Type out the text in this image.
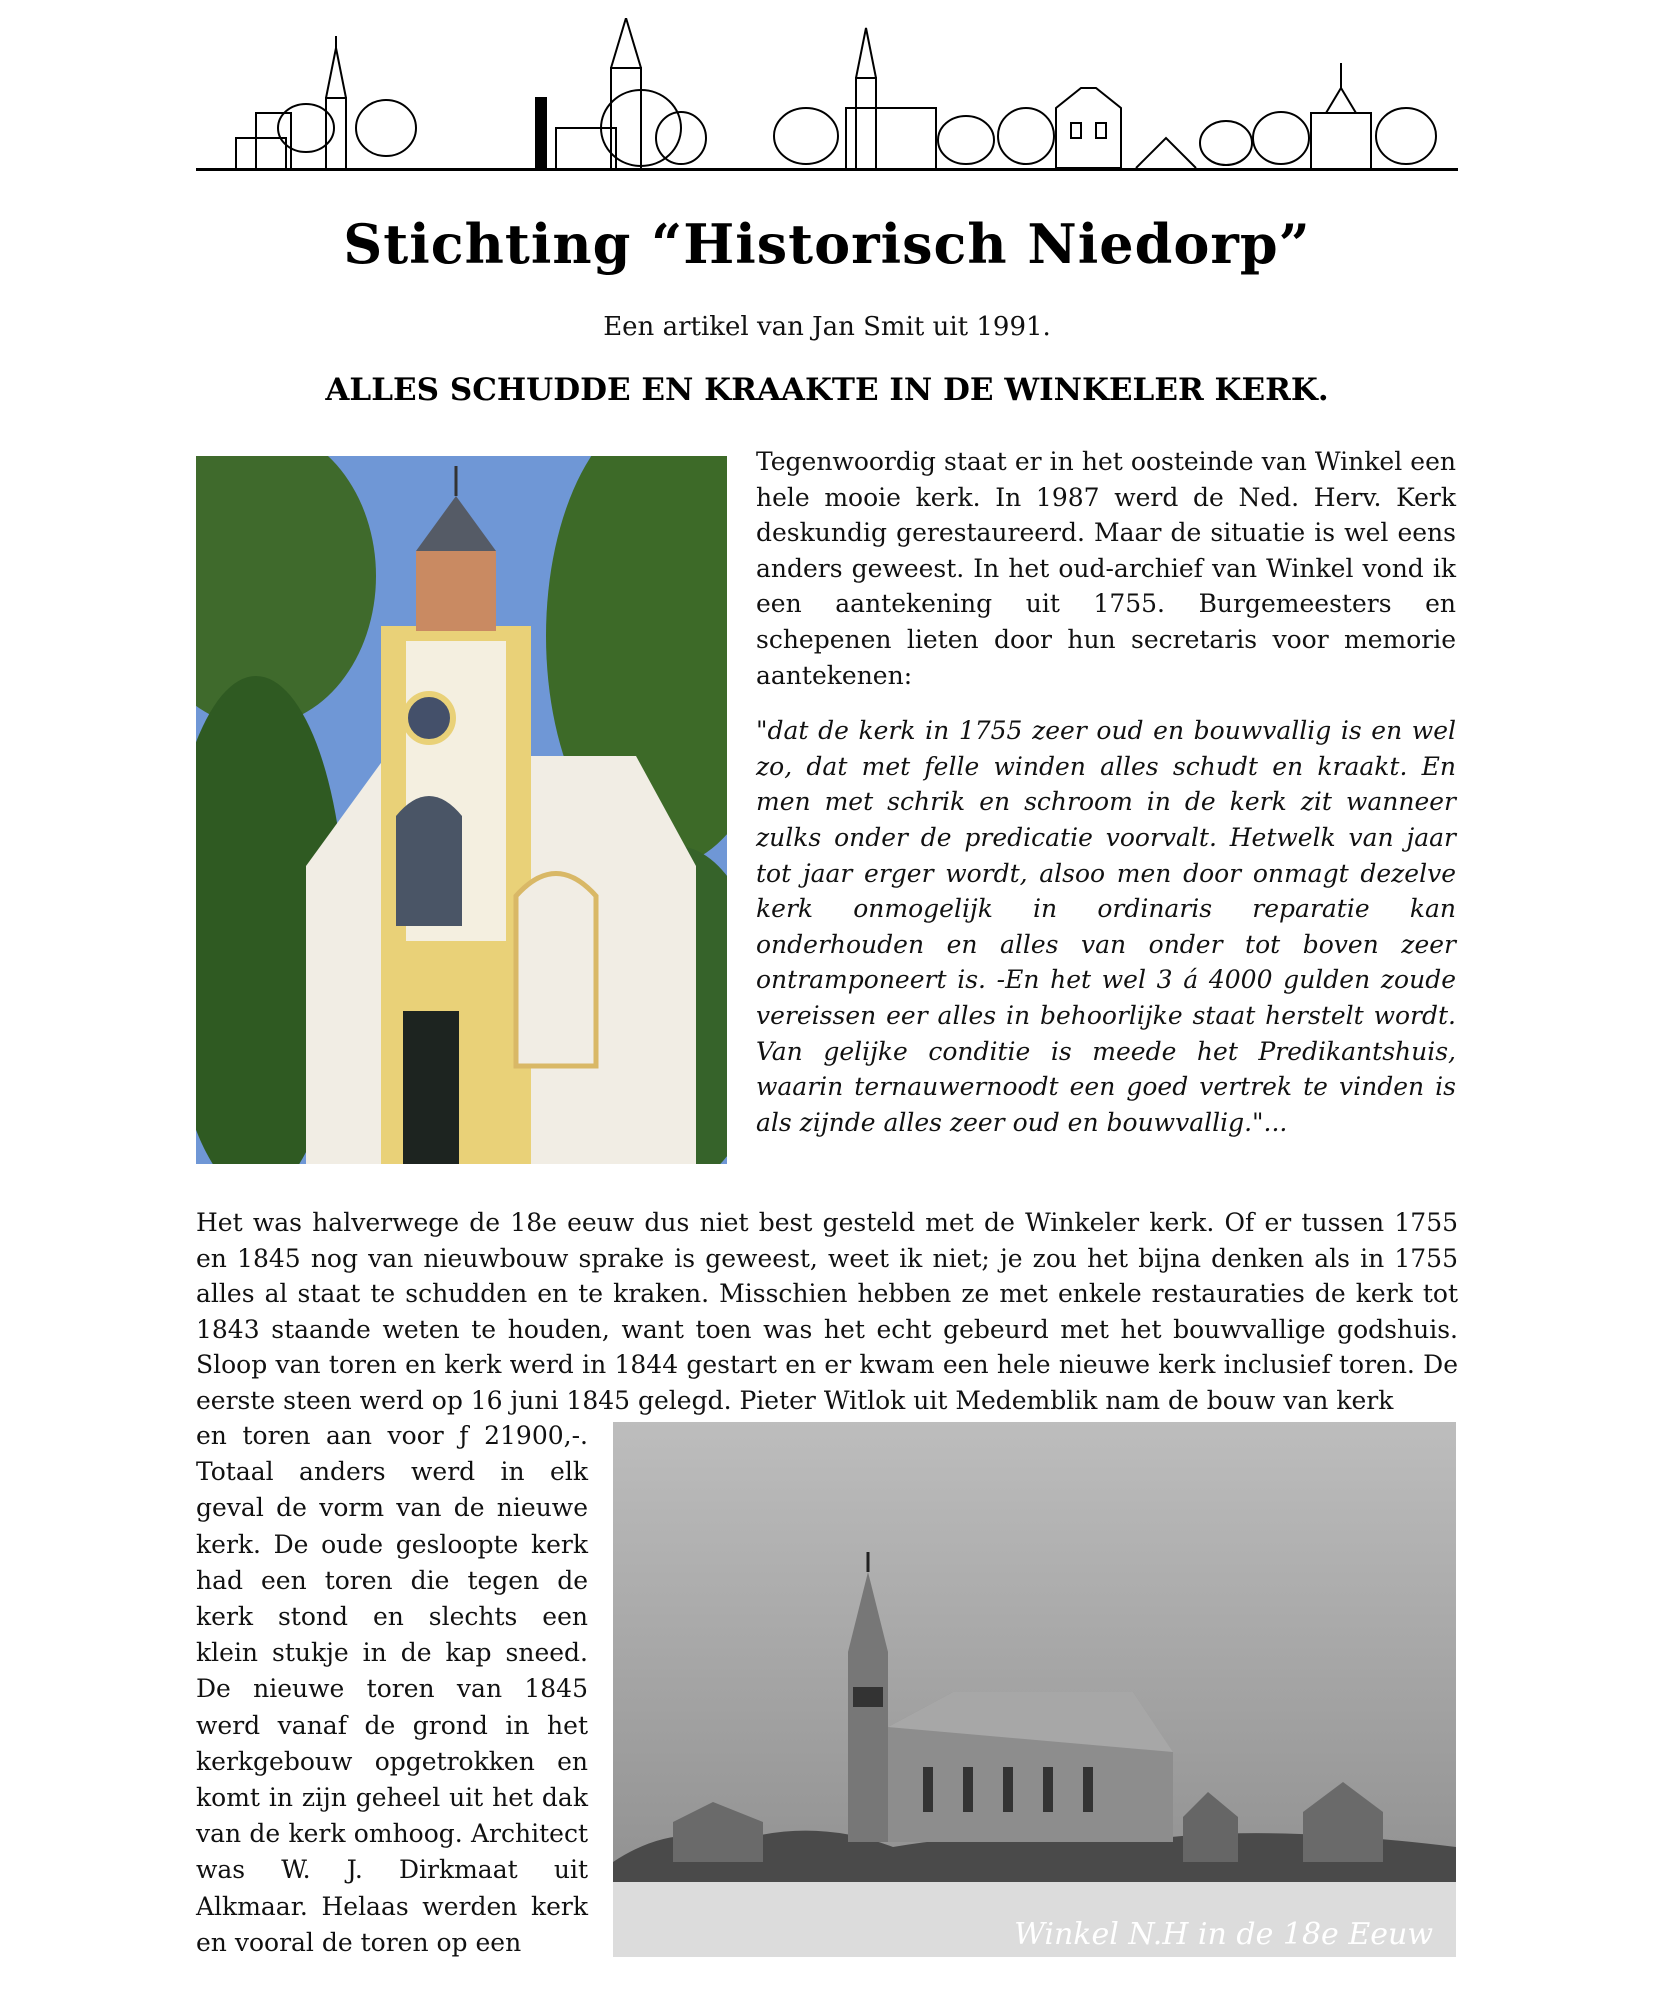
Stichting “Historisch Niedorp”
Een artikel van Jan Smit uit 1991.
ALLES SCHUDDE EN KRAAKTE IN DE WINKELER KERK.

Tegenwoordig staat er in het oosteinde van Winkel een hele mooie kerk. In 1987 werd de Ned. Herv. Kerk deskundig gerestaureerd. Maar de situatie is wel eens anders geweest. In het oud-archief van Winkel vond ik een aantekening uit 1755. Burgemeesters en schepenen lieten door hun secretaris voor memorie aantekenen:

"dat de kerk in 1755 zeer oud en bouwvallig is en wel zo, dat met felle winden alles schudt en kraakt. En men met schrik en schroom in de kerk zit wanneer zulks onder de predicatie voorvalt. Hetwelk van jaar tot jaar erger wordt, alsoo men door onmagt dezelve kerk onmogelijk in ordinaris reparatie kan onderhouden en alles van onder tot boven zeer ontramponeert is. -En het wel 3 á 4000 gulden zoude vereissen eer alles in behoorlijke staat herstelt wordt. Van gelijke conditie is meede het Predikantshuis, waarin ternauwernoodt een goed vertrek te vinden is als zijnde alles zeer oud en bouwvallig."...

Het was halverwege de 18e eeuw dus niet best gesteld met de Winkeler kerk. Of er tussen 1755 en 1845 nog van nieuwbouw sprake is geweest, weet ik niet; je zou het bijna denken als in 1755 alles al staat te schudden en te kraken. Misschien hebben ze met enkele restauraties de kerk tot 1843 staande weten te houden, want toen was het echt gebeurd met het bouwvallige godshuis. Sloop van toren en kerk werd in 1844 gestart en er kwam een hele nieuwe kerk inclusief toren. De eerste steen werd op 16 juni 1845 gelegd. Pieter Witlok uit Medemblik nam de bouw van kerk

en toren aan voor ƒ 21900,-. Totaal anders werd in elk geval de vorm van de nieuwe kerk. De oude gesloopte kerk had een toren die tegen de kerk stond en slechts een klein stukje in de kap sneed. De nieuwe toren van 1845 werd vanaf de grond in het kerkgebouw opgetrokken en komt in zijn geheel uit het dak van de kerk omhoog. Architect was W. J. Dirkmaat uit Alkmaar. Helaas werden kerk en vooral de toren op een	Winkel N.H in de 18e Eeuw
